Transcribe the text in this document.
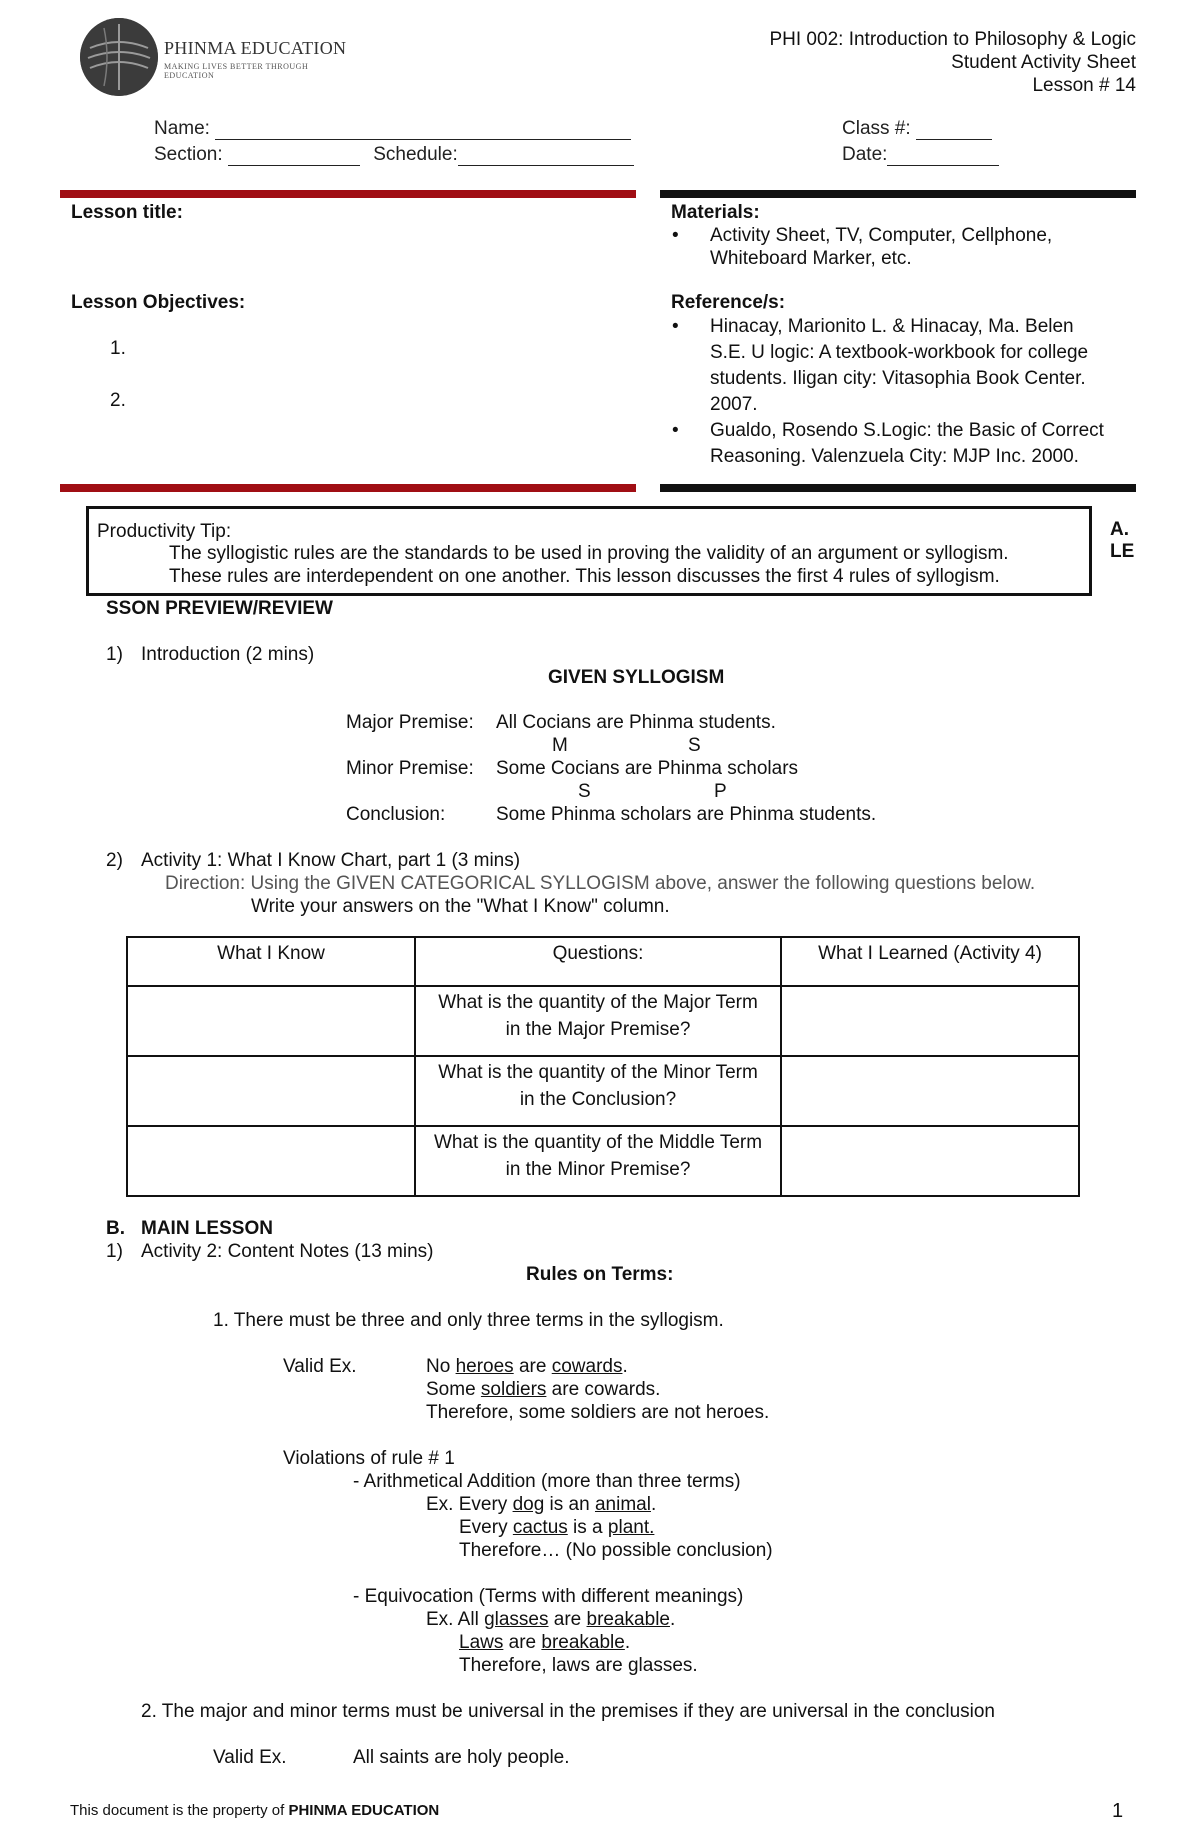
PHINMA EDUCATION
MAKING LIVES BETTER THROUGH EDUCATION
PHI 002: Introduction to Philosophy & Logic
Student Activity Sheet
Lesson # 14
Name:
Section:	Schedule:
Class #:
Date:
Lesson title:
Lesson Objectives:
1.
2.
Materials:
• Activity Sheet, TV, Computer, Cellphone,
Whiteboard Marker, etc.
Reference/s:
• Hinacay, Marionito L. & Hinacay, Ma. Belen
S.E. U logic: A textbook-workbook for college
students. Iligan city: Vitasophia Book Center.
2007.
• Gualdo, Rosendo S.Logic: the Basic of Correct
Reasoning. Valenzuela City: MJP Inc. 2000.
Productivity Tip:
The syllogistic rules are the standards to be used in proving the validity of an argument or syllogism.
These rules are interdependent on one another. This lesson discusses the first 4 rules of syllogism.
A.
LE
SSON PREVIEW/REVIEW
1) Introduction (2 mins)
GIVEN SYLLOGISM
Major Premise: All Cocians are Phinma students.
M	S
Minor Premise: Some Cocians are Phinma scholars
S	P
Conclusion:	Some Phinma scholars are Phinma students.
2) Activity 1: What I Know Chart, part 1 (3 mins)
Direction: Using the GIVEN CATEGORICAL SYLLOGISM above, answer the following questions below.
Write your answers on the "What I Know" column.
What I Know	Questions:	What I Learned (Activity 4)

	What is the quantity of the Major Term
in the Major Premise?	

	What is the quantity of the Minor Term
in the Conclusion?	

	What is the quantity of the Middle Term
in the Minor Premise?	

B. MAIN LESSON
1) Activity 2: Content Notes (13 mins)
Rules on Terms:
1. There must be three and only three terms in the syllogism.
Valid Ex.	No heroes are cowards.
Some soldiers are cowards.
Therefore, some soldiers are not heroes.
Violations of rule # 1
- Arithmetical Addition (more than three terms)
Ex. Every dog is an animal.
Every cactus is a plant.
Therefore… (No possible conclusion)
- Equivocation (Terms with different meanings)
Ex. All glasses are breakable.
Laws are breakable.
Therefore, laws are glasses.
2. The major and minor terms must be universal in the premises if they are universal in the conclusion
Valid Ex.	All saints are holy people.
This document is the property of PHINMA EDUCATION	1
